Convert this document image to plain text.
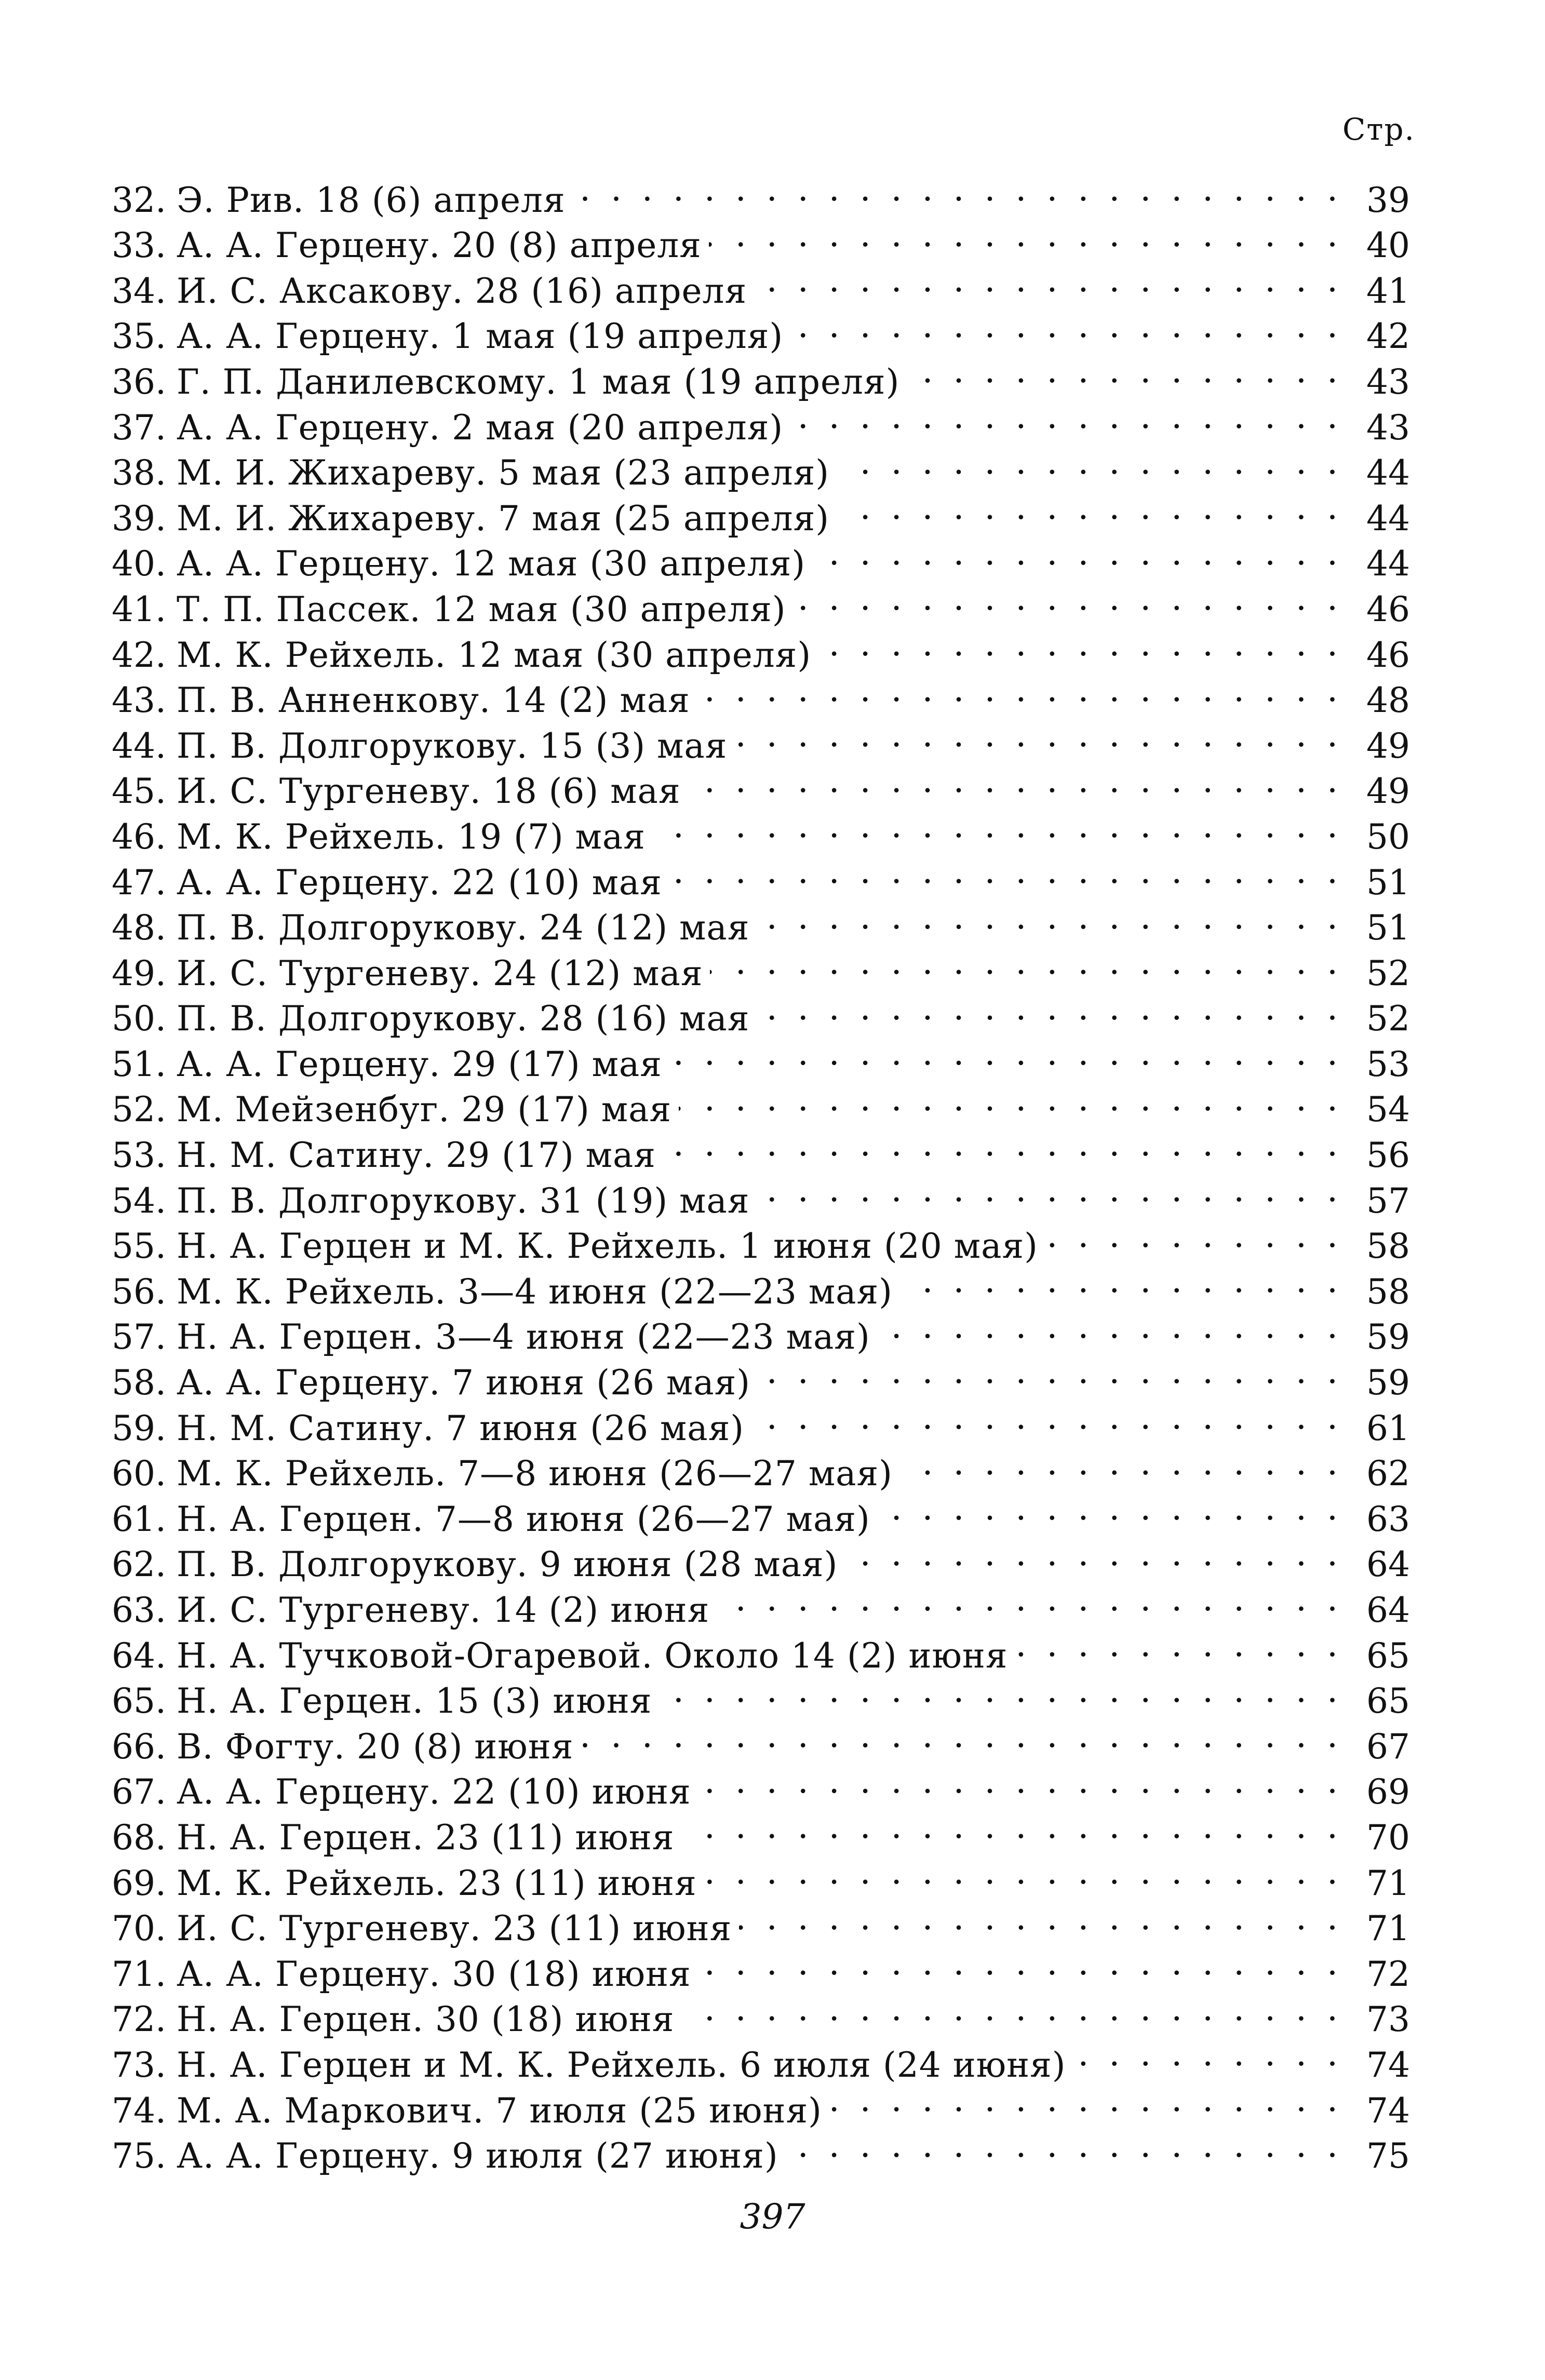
Стр.
32. Э. Рив. 18 (6) апреля . . .	39
33. А. А. Герцену. 20 (8) апреля . . .	40
34. И. С. Аксакову. 28 (16) апреля . . .	41
35. А. А. Герцену. 1 мая (19 апреля) . . .	42
36. Г. П. Данилевскому. 1 мая (19 апреля) . . .	43
37. А. А. Герцену. 2 мая (20 апреля) . . .	43
38. М. И. Жихареву. 5 мая (23 апреля) . . .	44
39. М. И. Жихареву. 7 мая (25 апреля) . . .	44
40. А. А. Герцену. 12 мая (30 апреля) . . .	44
41. Т. П. Пассек. 12 мая (30 апреля) . . .	46
42. М. К. Рейхель. 12 мая (30 апреля) . . .	46
43. П. В. Анненкову. 14 (2) мая . . .	48
44. П. В. Долгорукову. 15 (3) мая . . .	49
45. И. С. Тургеневу. 18 (6) мая . . .	49
46. М. К. Рейхель. 19 (7) мая . . .	50
47. А. А. Герцену. 22 (10) мая . . .	51
48. П. В. Долгорукову. 24 (12) мая . . .	51
49. И. С. Тургеневу. 24 (12) мая . . .	52
50. П. В. Долгорукову. 28 (16) мая . . .	52
51. А. А. Герцену. 29 (17) мая . . .	53
52. М. Мейзенбуг. 29 (17) мая . . .	54
53. Н. М. Сатину. 29 (17) мая . . .	56
54. П. В. Долгорукову. 31 (19) мая . . .	57
55. Н. А. Герцен и М. К. Рейхель. 1 июня (20 мая) . . .	58
56. М. К. Рейхель. 3—4 июня (22—23 мая) . . .	58
57. Н. А. Герцен. 3—4 июня (22—23 мая) . . .	59
58. А. А. Герцену. 7 июня (26 мая) . . .	59
59. Н. М. Сатину. 7 июня (26 мая) . . .	61
60. М. К. Рейхель. 7—8 июня (26—27 мая) . . .	62
61. Н. А. Герцен. 7—8 июня (26—27 мая) . . .	63
62. П. В. Долгорукову. 9 июня (28 мая) . . .	64
63. И. С. Тургеневу. 14 (2) июня . . .	64
64. Н. А. Тучковой-Огаревой. Около 14 (2) июня . . .	65
65. Н. А. Герцен. 15 (3) июня . . .	65
66. В. Фогту. 20 (8) июня . . .	67
67. А. А. Герцену. 22 (10) июня . . .	69
68. Н. А. Герцен. 23 (11) июня . . .	70
69. М. К. Рейхель. 23 (11) июня . . .	71
70. И. С. Тургеневу. 23 (11) июня . . .	71
71. А. А. Герцену. 30 (18) июня . . .	72
72. Н. А. Герцен. 30 (18) июня . . .	73
73. Н. А. Герцен и М. К. Рейхель. 6 июля (24 июня) . . .	74
74. М. А. Маркович. 7 июля (25 июня) . . .	74
75. А. А. Герцену. 9 июля (27 июня) . . .	75
397
